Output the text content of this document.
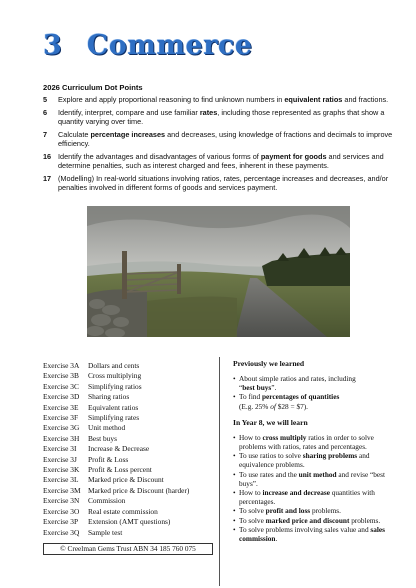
3 Commerce
2026 Curriculum Dot Points
5	Explore and apply proportional reasoning to find unknown numbers in equivalent ratios and fractions.
6	Identify, interpret, compare and use familiar rates, including those represented as graphs that show a quantity varying over time.
7	Calculate percentage increases and decreases, using knowledge of fractions and decimals to improve efficiency.
16 Identify the advantages and disadvantages of various forms of payment for goods and services and determine penalties, such as interest charged and fees, inherent in these payments.
17 (Modelling) In real-world situations involving ratios, rates, percentage increases and decreases, and/or penalties involved in different forms of goods and services payment.
Exercise 3A	Dollars and cents
Exercise 3B	Cross multiplying
Exercise 3C	Simplifying ratios
Exercise 3D	Sharing ratios
Exercise 3E	Equivalent ratios
Exercise 3F	Simplifying rates
Exercise 3G	Unit method
Exercise 3H	Best buys
Exercise 3I	Increase & Decrease
Exercise 3J	Profit & Loss
Exercise 3K	Profit & Loss percent
Exercise 3L	Marked price & Discount
Exercise 3M	Marked price & Discount (harder)
Exercise 3N	Commission
Exercise 3O	Real estate commission
Exercise 3P	Extension (AMT questions)
Exercise 3Q	Sample test
© Creelman Gems Trust ABN 34 185 760 075
Previously we learned
• About simple ratios and rates, including
“best buys”.
• To find percentages of quantities
(E.g. 25% of $28 = $7).
In Year 8, we will learn
• How to cross multiply ratios in order to solve problems with ratios, rates and percentages.
• To use ratios to solve sharing problems and equivalence problems.
• To use rates and the unit method and revise “best buys”.
• How to increase and decrease quantities with percentages.
• To solve profit and loss problems.
• To solve marked price and discount problems.
• To solve problems involving sales value and sales commission.
